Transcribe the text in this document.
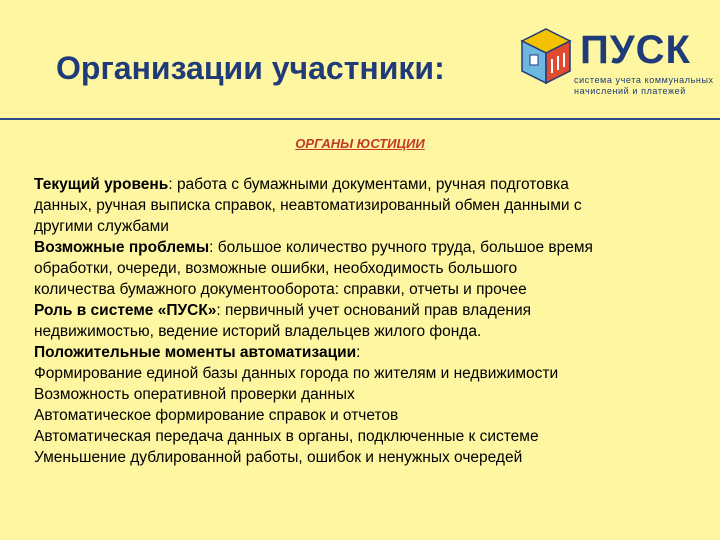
Организации участники:	ПУСК
система учета коммунальных
начислений и платежей
ОРГАНЫ ЮСТИЦИИ
Текущий уровень: работа с бумажными документами, ручная подготовка
данных, ручная выписка справок, неавтоматизированный обмен данными с
другими службами
Возможные проблемы: большое количество ручного труда, большое время
обработки, очереди, возможные ошибки, необходимость большого
количества бумажного документооборота: справки, отчеты и прочее
Роль в системе «ПУСК»: первичный учет оснований прав владения
недвижимостью, ведение историй владельцев жилого фонда.
Положительные моменты автоматизации:
Формирование единой базы данных города по жителям и недвижимости
Возможность оперативной проверки данных
Автоматическое формирование справок и отчетов
Автоматическая передача данных в органы, подключенные к системе
Уменьшение дублированной работы, ошибок и ненужных очередей
